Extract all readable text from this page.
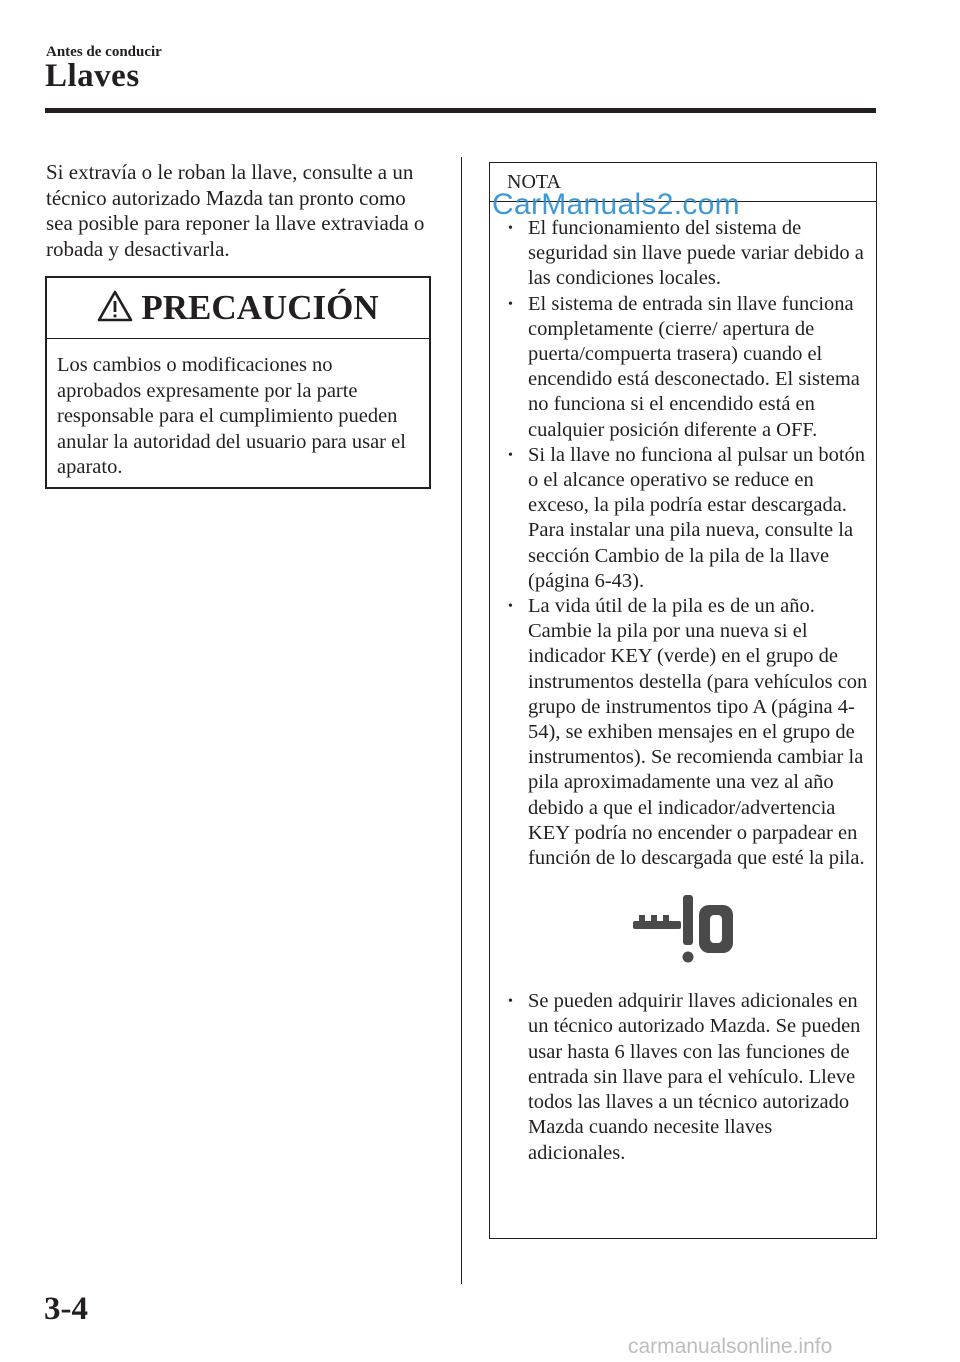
Antes de conducir
Llaves
Si extravía o le roban la llave, consulte a un técnico autorizado Mazda tan pronto como sea posible para reponer la llave extraviada o robada y desactivarla.
PRECAUCIÓN
Los cambios o modificaciones no aprobados expresamente por la parte responsable para el cumplimiento pueden anular la autoridad del usuario para usar el aparato.
NOTA
• El funcionamiento del sistema de seguridad sin llave puede variar debido a las condiciones locales.
• El sistema de entrada sin llave funciona completamente (cierre/ apertura de puerta/compuerta trasera) cuando el encendido está desconectado. El sistema no funciona si el encendido está en cualquier posición diferente a OFF.
• Si la llave no funciona al pulsar un botón o el alcance operativo se reduce en exceso, la pila podría estar descargada. Para instalar una pila nueva, consulte la sección Cambio de la pila de la llave (página 6-43).
• La vida útil de la pila es de un año. Cambie la pila por una nueva si el indicador KEY (verde) en el grupo de instrumentos destella (para vehículos con grupo de instrumentos tipo A (página 4-54), se exhiben mensajes en el grupo de instrumentos). Se recomienda cambiar la pila aproximadamente una vez al año debido a que el indicador/advertencia KEY podría no encender o parpadear en función de lo descargada que esté la pila.
• Se pueden adquirir llaves adicionales en un técnico autorizado Mazda. Se pueden usar hasta 6 llaves con las funciones de entrada sin llave para el vehículo. Lleve todos las llaves a un técnico autorizado Mazda cuando necesite llaves adicionales.
CarManuals2.com
3-4
carmanualsonline.info
